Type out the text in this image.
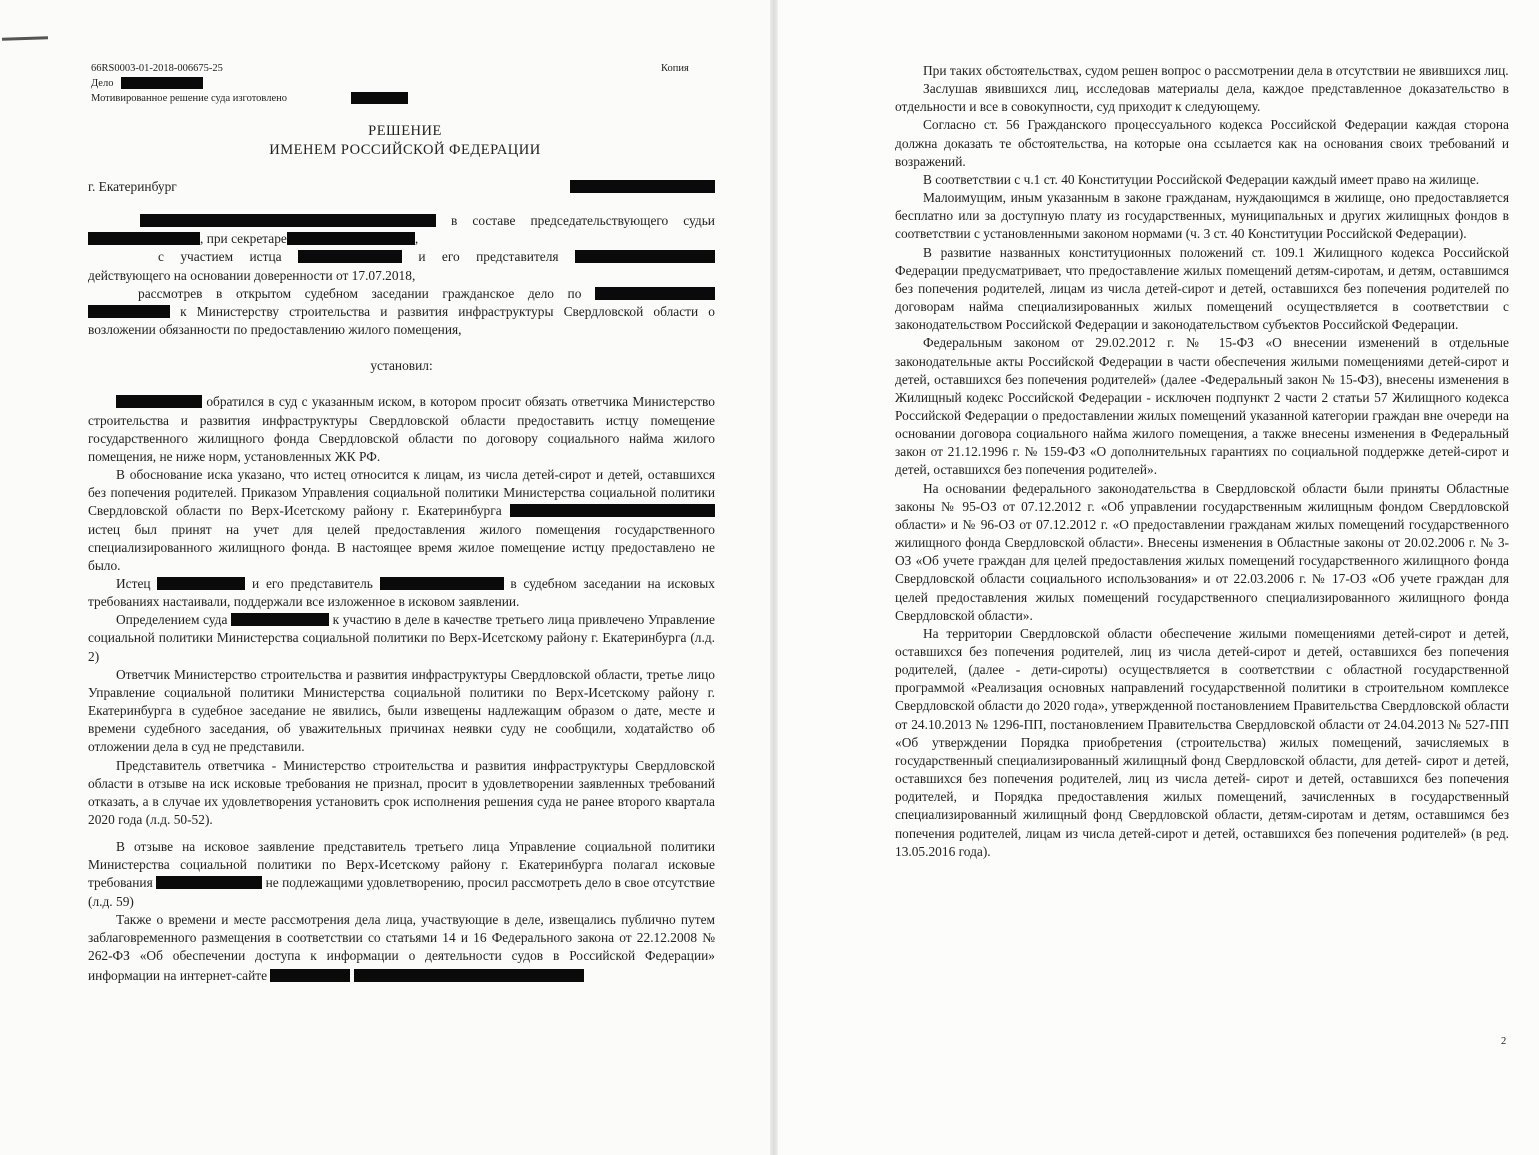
66RS0003-01-2018-006675-25	Копия
Дело
Мотивированное решение суда изготовлено
РЕШЕНИЕ
ИМЕНЕМ РОССИЙСКОЙ ФЕДЕРАЦИИ

г. Екатеринбург

в составе председательствующего судьи

, при секретаре	,

с участием истца	и его представителя

действующего на основании доверенности от 17.07.2018,

рассмотрев в открытом судебном заседании гражданское дело по

к Министерству строительства и развития инфраструктуры Свердловской области о возложении обязанности по предоставлению жилого помещения,

установил:

обратился в суд с указанным иском, в котором просит обязать ответчика Министерство строительства и развития инфраструктуры Свердловской области предоставить истцу помещение государственного жилищного фонда Свердловской области по договору социального найма жилого помещения, не ниже норм, установленных ЖК РФ.

В обоснование иска указано, что истец относится к лицам, из числа детей-сирот и детей, оставшихся без попечения родителей. Приказом Управления социальной политики Министерства социальной политики Свердловской области по Верх-Исетскому району г. Екатеринбурга  истец был принят на учет для целей предоставления жилого помещения государственного специализированного жилищного фонда. В настоящее время жилое помещение истцу предоставлено не было.

Истец	и его представитель	в судебном заседании на исковых требованиях настаивали, поддержали все изложенное в исковом заявлении.

Определением суда	к участию в деле в качестве третьего лица привлечено Управление социальной политики Министерства социальной политики по Верх-Исетскому району г. Екатеринбурга (л.д. 2)

Ответчик Министерство строительства и развития инфраструктуры Свердловской области, третье лицо Управление социальной политики Министерства социальной политики по Верх-Исетскому району г. Екатеринбурга в судебное заседание не явились, были извещены надлежащим образом о дате, месте и времени судебного заседания, об уважительных причинах неявки суду не сообщили, ходатайство об отложении дела в суд не представили.

Представитель ответчика - Министерство строительства и развития инфраструктуры Свердловской области в отзыве на иск исковые требования не признал, просит в удовлетворении заявленных требований отказать, а в случае их удовлетворения установить срок исполнения решения суда не ранее второго квартала 2020 года (л.д. 50-52).

В отзыве на исковое заявление представитель третьего лица Управление социальной политики Министерства социальной политики по Верх-Исетскому району г. Екатеринбурга полагал исковые требования	не подлежащими удовлетворению, просил рассмотреть дело в свое отсутствие (л.д. 59)

Также о времени и месте рассмотрения дела лица, участвующие в деле, извещались публично путем заблаговременного размещения в соответствии со статьями 14 и 16 Федерального закона от 22.12.2008 № 262-ФЗ «Об обеспечении доступа к информации о деятельности судов в Российской Федерации» информации на интернет-сайте

При таких обстоятельствах, судом решен вопрос о рассмотрении дела в отсутствии не явившихся лиц.

Заслушав явившихся лиц, исследовав материалы дела, каждое представленное доказательство в отдельности и все в совокупности, суд приходит к следующему.

Согласно ст. 56 Гражданского процессуального кодекса Российской Федерации каждая сторона должна доказать те обстоятельства, на которые она ссылается как на основания своих требований и возражений.

В соответствии с ч.1 ст. 40 Конституции Российской Федерации каждый имеет право на жилище.

Малоимущим, иным указанным в законе гражданам, нуждающимся в жилище, оно предоставляется бесплатно или за доступную плату из государственных, муниципальных и других жилищных фондов в соответствии с установленными законом нормами (ч. 3 ст. 40 Конституции Российской Федерации).

В развитие названных конституционных положений ст. 109.1 Жилищного кодекса Российской Федерации предусматривает, что предоставление жилых помещений детям-сиротам, и детям, оставшимся без попечения родителей, лицам из числа детей-сирот и детей, оставшихся без попечения родителей по договорам найма специализированных жилых помещений осуществляется в соответствии с законодательством Российской Федерации и законодательством субъектов Российской Федерации.

Федеральным законом от 29.02.2012 г. № 15-ФЗ «О внесении изменений в отдельные законодательные акты Российской Федерации в части обеспечения жилыми помещениями детей-сирот и детей, оставшихся без попечения родителей» (далее -Федеральный закон № 15-ФЗ), внесены изменения в Жилищный кодекс Российской Федерации - исключен подпункт 2 части 2 статьи 57 Жилищного кодекса Российской Федерации о предоставлении жилых помещений указанной категории граждан вне очереди на основании договора социального найма жилого помещения, а также внесены изменения в Федеральный закон от 21.12.1996 г. № 159-ФЗ «О дополнительных гарантиях по социальной поддержке детей-сирот и детей, оставшихся без попечения родителей».

На основании федерального законодательства в Свердловской области были приняты Областные законы № 95-ОЗ от 07.12.2012 г. «Об управлении государственным жилищным фондом Свердловской области» и № 96-ОЗ от 07.12.2012 г. «О предоставлении гражданам жилых помещений государственного жилищного фонда Свердловской области». Внесены изменения в Областные законы от 20.02.2006 г. № 3-ОЗ «Об учете граждан для целей предоставления жилых помещений государственного жилищного фонда Свердловской области социального использования» и от 22.03.2006 г. № 17-ОЗ «Об учете граждан для целей предоставления жилых помещений государственного специализированного жилищного фонда Свердловской области».

На территории Свердловской области обеспечение жилыми помещениями детей-сирот и детей, оставшихся без попечения родителей, лиц из числа детей-сирот и детей, оставшихся без попечения родителей, (далее - дети-сироты) осуществляется в соответствии с областной государственной программой «Реализация основных направлений государственной политики в строительном комплексе Свердловской области до 2020 года», утвержденной постановлением Правительства Свердловской области от 24.10.2013 № 1296-ПП, постановлением Правительства Свердловской области от 24.04.2013 № 527-ПП «Об утверждении Порядка приобретения (строительства) жилых помещений, зачисляемых в государственный специализированный жилищный фонд Свердловской области, для детей- сирот и детей, оставшихся без попечения родителей, лиц из числа детей- сирот и детей, оставшихся без попечения родителей, и Порядка предоставления жилых помещений, зачисленных в государственный специализированный жилищный фонд Свердловской области, детям-сиротам и детям, оставшимся без попечения родителей, лицам из числа детей-сирот и детей, оставшихся без попечения родителей» (в ред. 13.05.2016 года).

2
